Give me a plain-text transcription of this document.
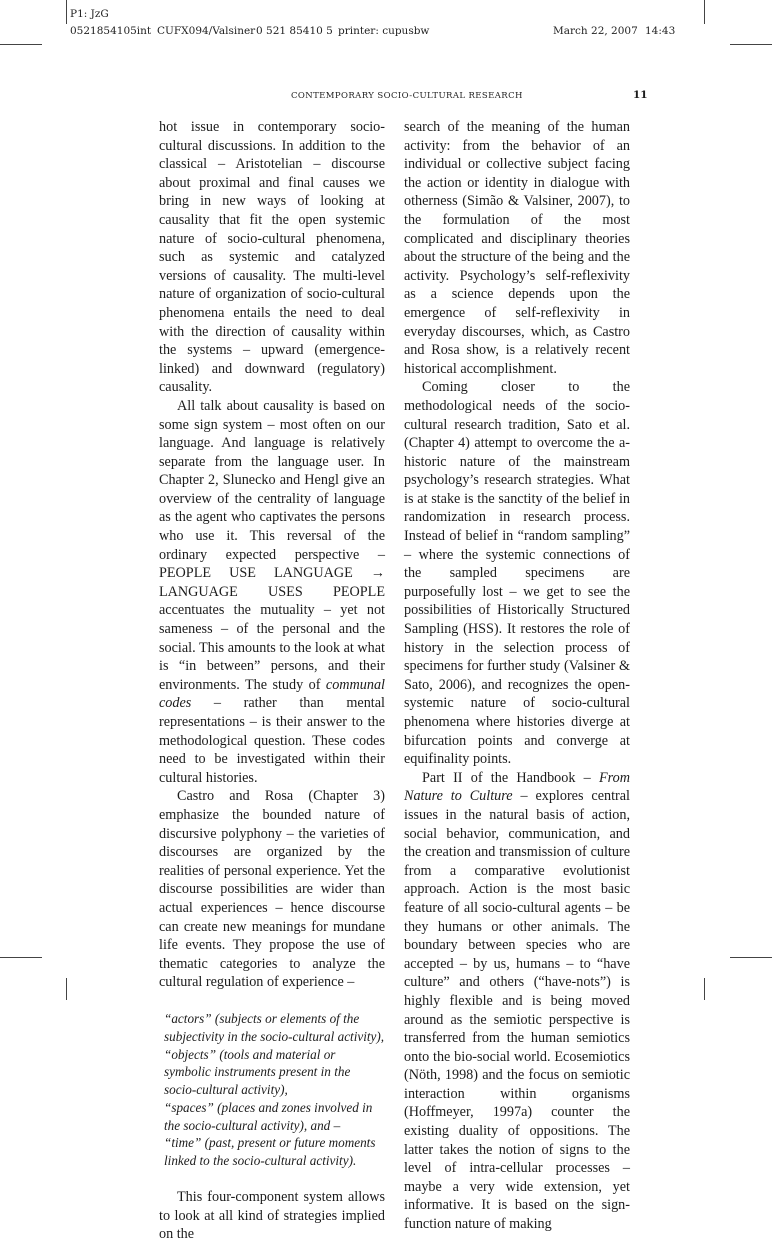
P1: JzG
0521854105int CUFX094/Valsiner 0 521 85410 5 printer: cupusbw	March 22, 2007 14:43
CONTEMPORARY SOCIO-CULTURAL RESEARCH	11

hot issue in contemporary socio-cultural discussions. In addition to the classical – Aristotelian – discourse about proximal and final causes we bring in new ways of looking at causality that fit the open systemic nature of socio-cultural phenomena, such as systemic and catalyzed versions of causality. The multi-level nature of organization of socio-cultural phenomena entails the need to deal with the direction of causality within the systems – upward (emergence-linked) and downward (regulatory) causality.

All talk about causality is based on some sign system – most often on our language. And language is relatively separate from the language user. In Chapter 2, Slunecko and Hengl give an overview of the centrality of language as the agent who captivates the persons who use it. This reversal of the ordinary expected perspective – PEOPLE USE LANGUAGE → LANGUAGE USES PEOPLE accentuates the mutuality – yet not sameness – of the personal and the social. This amounts to the look at what is “in between” persons, and their environments. The study of communal codes – rather than mental representations – is their answer to the methodological question. These codes need to be investigated within their cultural histories.

Castro and Rosa (Chapter 3) emphasize the bounded nature of discursive polyphony – the varieties of discourses are organized by the realities of personal experience. Yet the discourse possibilities are wider than actual experiences – hence discourse can create new meanings for mundane life events. They propose the use of thematic categories to analyze the cultural regulation of experience –

“actors” (subjects or elements of the subjectivity in the socio-cultural activity),
“objects” (tools and material or symbolic instruments present in the socio-cultural activity),
“spaces” (places and zones involved in the socio-cultural activity), and –
“time” (past, present or future moments linked to the socio-cultural activity).

This four-component system allows to look at all kind of strategies implied on the

search of the meaning of the human activity: from the behavior of an individual or collective subject facing the action or identity in dialogue with otherness (Simão & Valsiner, 2007), to the formulation of the most complicated and disciplinary theories about the structure of the being and the activity. Psychology’s self-reflexivity as a science depends upon the emergence of self-reflexivity in everyday discourses, which, as Castro and Rosa show, is a relatively recent historical accomplishment.

Coming closer to the methodological needs of the socio-cultural research tradition, Sato et al. (Chapter 4) attempt to overcome the a-historic nature of the mainstream psychology’s research strategies. What is at stake is the sanctity of the belief in randomization in research process. Instead of belief in “random sampling” – where the systemic connections of the sampled specimens are purposefully lost – we get to see the possibilities of Historically Structured Sampling (HSS). It restores the role of history in the selection process of specimens for further study (Valsiner & Sato, 2006), and recognizes the open-systemic nature of socio-cultural phenomena where histories diverge at bifurcation points and converge at equifinality points.

Part II of the Handbook – From Nature to Culture – explores central issues in the natural basis of action, social behavior, communication, and the creation and transmission of culture from a comparative evolutionist approach. Action is the most basic feature of all socio-cultural agents – be they humans or other animals. The boundary between species who are accepted – by us, humans – to “have culture” and others (“have-nots”) is highly flexible and is being moved around as the semiotic perspective is transferred from the human semiotics onto the bio-social world. Ecosemiotics (Nöth, 1998) and the focus on semiotic interaction within organisms (Hoffmeyer, 1997a) counter the existing duality of oppositions. The latter takes the notion of signs to the level of intra-cellular processes – maybe a very wide extension, yet informative. It is based on the sign-function nature of making
